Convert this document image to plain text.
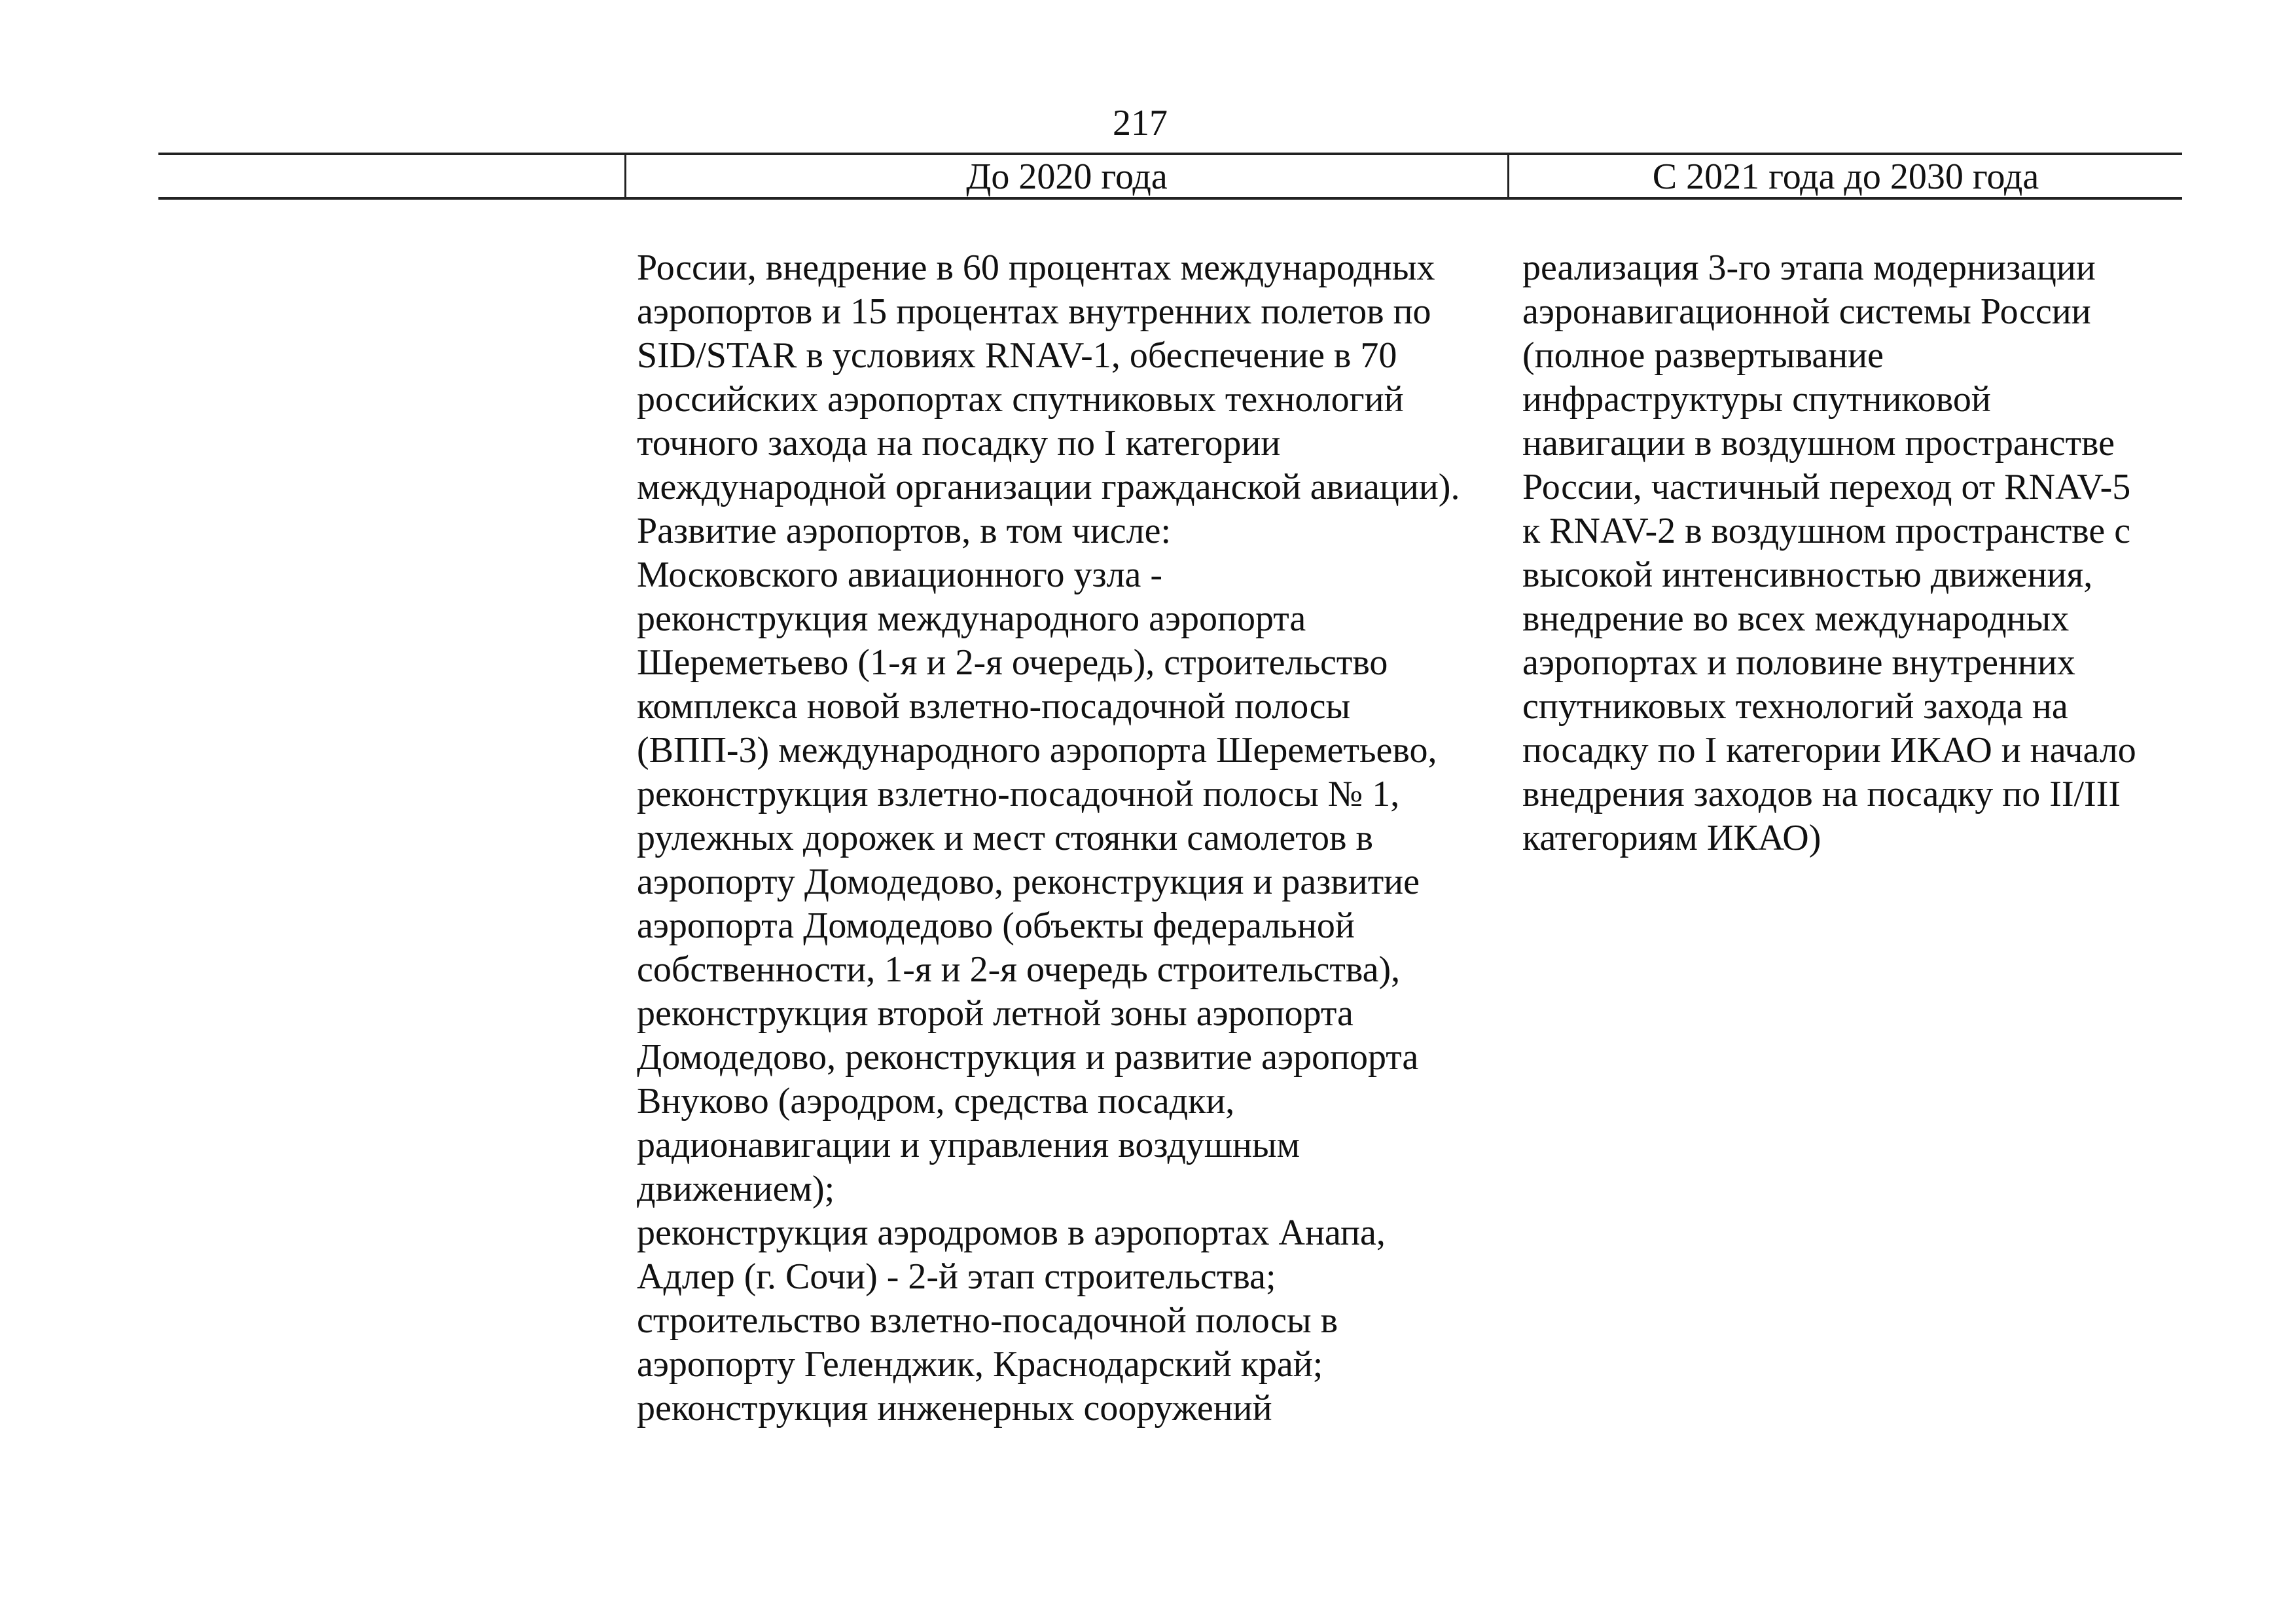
217
До 2020 года	С 2021 года до 2030 года
России, внедрение в 60 процентах международных
аэропортов и 15 процентах внутренних полетов по
SID/STAR в условиях RNAV-1, обеспечение в 70
российских аэропортах спутниковых технологий
точного захода на посадку по I категории
международной организации гражданской авиации).
Развитие аэропортов, в том числе:
Московского авиационного узла -
реконструкция международного аэропорта
Шереметьево (1-я и 2-я очередь), строительство
комплекса новой взлетно-посадочной полосы
(ВПП-3) международного аэропорта Шереметьево,
реконструкция взлетно-посадочной полосы № 1,
рулежных дорожек и мест стоянки самолетов в
аэропорту Домодедово, реконструкция и развитие
аэропорта Домодедово (объекты федеральной
собственности, 1-я и 2-я очередь строительства),
реконструкция второй летной зоны аэропорта
Домодедово, реконструкция и развитие аэропорта
Внуково (аэродром, средства посадки,
радионавигации и управления воздушным
движением);
реконструкция аэродромов в аэропортах Анапа,
Адлер (г. Сочи) - 2-й этап строительства;
строительство взлетно-посадочной полосы в
аэропорту Геленджик, Краснодарский край;
реконструкция инженерных сооружений
реализация 3-го этапа модернизации
аэронавигационной системы России
(полное развертывание
инфраструктуры спутниковой
навигации в воздушном пространстве
России, частичный переход от RNAV-5
к RNAV-2 в воздушном пространстве с
высокой интенсивностью движения,
внедрение во всех международных
аэропортах и половине внутренних
спутниковых технологий захода на
посадку по I категории ИКАО и начало
внедрения заходов на посадку по II/III
категориям ИКАО)
